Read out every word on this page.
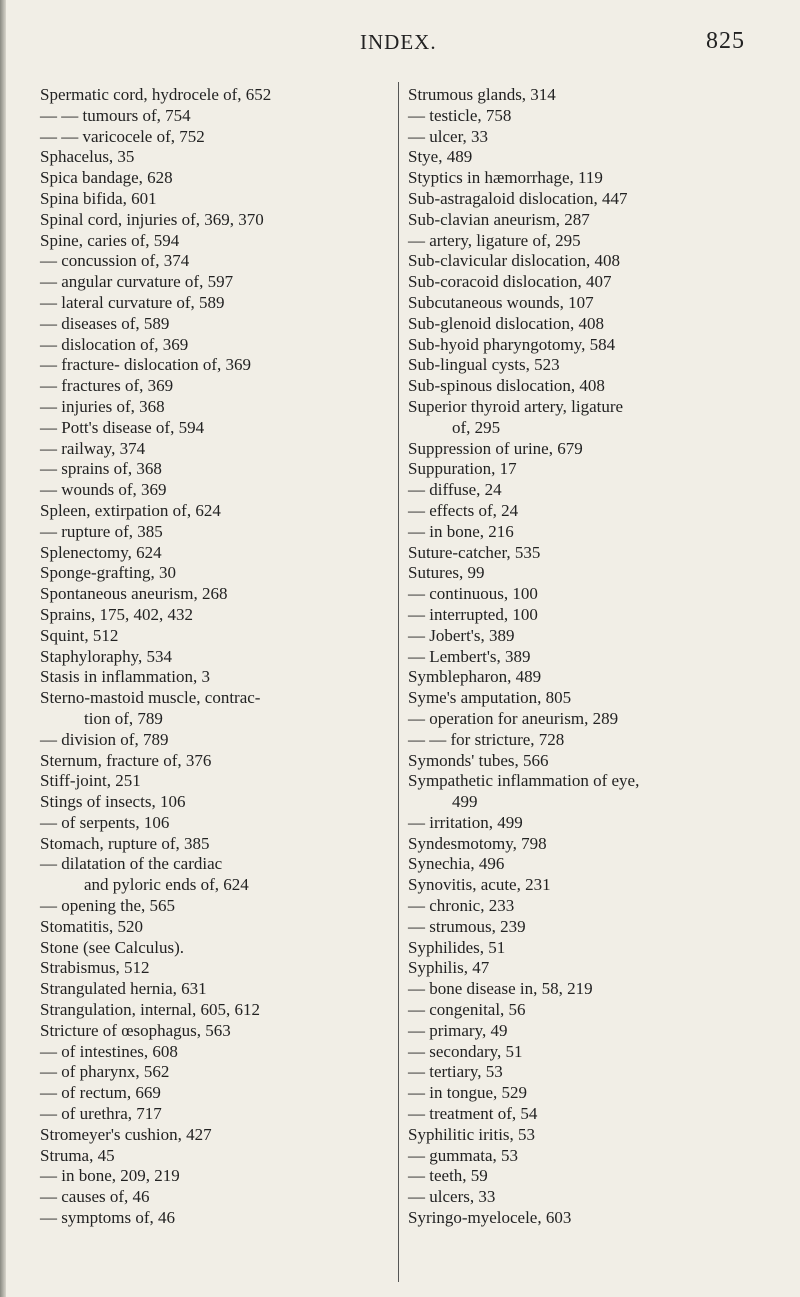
INDEX.	825
Spermatic cord, hydrocele of, 652
— — tumours of, 754
— — varicocele of, 752
Sphacelus, 35
Spica bandage, 628
Spina bifida, 601
Spinal cord, injuries of, 369, 370
Spine, caries of, 594
— concussion of, 374
— angular curvature of, 597
— lateral curvature of, 589
— diseases of, 589
— dislocation of, 369
— fracture- dislocation of, 369
— fractures of, 369
— injuries of, 368
— Pott's disease of, 594
— railway, 374
— sprains of, 368
— wounds of, 369
Spleen, extirpation of, 624
— rupture of, 385
Splenectomy, 624
Sponge-grafting, 30
Spontaneous aneurism, 268
Sprains, 175, 402, 432
Squint, 512
Staphyloraphy, 534
Stasis in inflammation, 3
Sterno-mastoid muscle, contrac-
tion of, 789
— division of, 789
Sternum, fracture of, 376
Stiff-joint, 251
Stings of insects, 106
— of serpents, 106
Stomach, rupture of, 385
— dilatation of the cardiac
and pyloric ends of, 624
— opening the, 565
Stomatitis, 520
Stone (see Calculus).
Strabismus, 512
Strangulated hernia, 631
Strangulation, internal, 605, 612
Stricture of œsophagus, 563
— of intestines, 608
— of pharynx, 562
— of rectum, 669
— of urethra, 717
Stromeyer's cushion, 427
Struma, 45
— in bone, 209, 219
— causes of, 46
— symptoms of, 46
Strumous glands, 314
— testicle, 758
— ulcer, 33
Stye, 489
Styptics in hæmorrhage, 119
Sub-astragaloid dislocation, 447
Sub-clavian aneurism, 287
— artery, ligature of, 295
Sub-clavicular dislocation, 408
Sub-coracoid dislocation, 407
Subcutaneous wounds, 107
Sub-glenoid dislocation, 408
Sub-hyoid pharyngotomy, 584
Sub-lingual cysts, 523
Sub-spinous dislocation, 408
Superior thyroid artery, ligature
of, 295
Suppression of urine, 679
Suppuration, 17
— diffuse, 24
— effects of, 24
— in bone, 216
Suture-catcher, 535
Sutures, 99
— continuous, 100
— interrupted, 100
— Jobert's, 389
— Lembert's, 389
Symblepharon, 489
Syme's amputation, 805
— operation for aneurism, 289
— — for stricture, 728
Symonds' tubes, 566
Sympathetic inflammation of eye,
499
— irritation, 499
Syndesmotomy, 798
Synechia, 496
Synovitis, acute, 231
— chronic, 233
— strumous, 239
Syphilides, 51
Syphilis, 47
— bone disease in, 58, 219
— congenital, 56
— primary, 49
— secondary, 51
— tertiary, 53
— in tongue, 529
— treatment of, 54
Syphilitic iritis, 53
— gummata, 53
— teeth, 59
— ulcers, 33
Syringo-myelocele, 603
